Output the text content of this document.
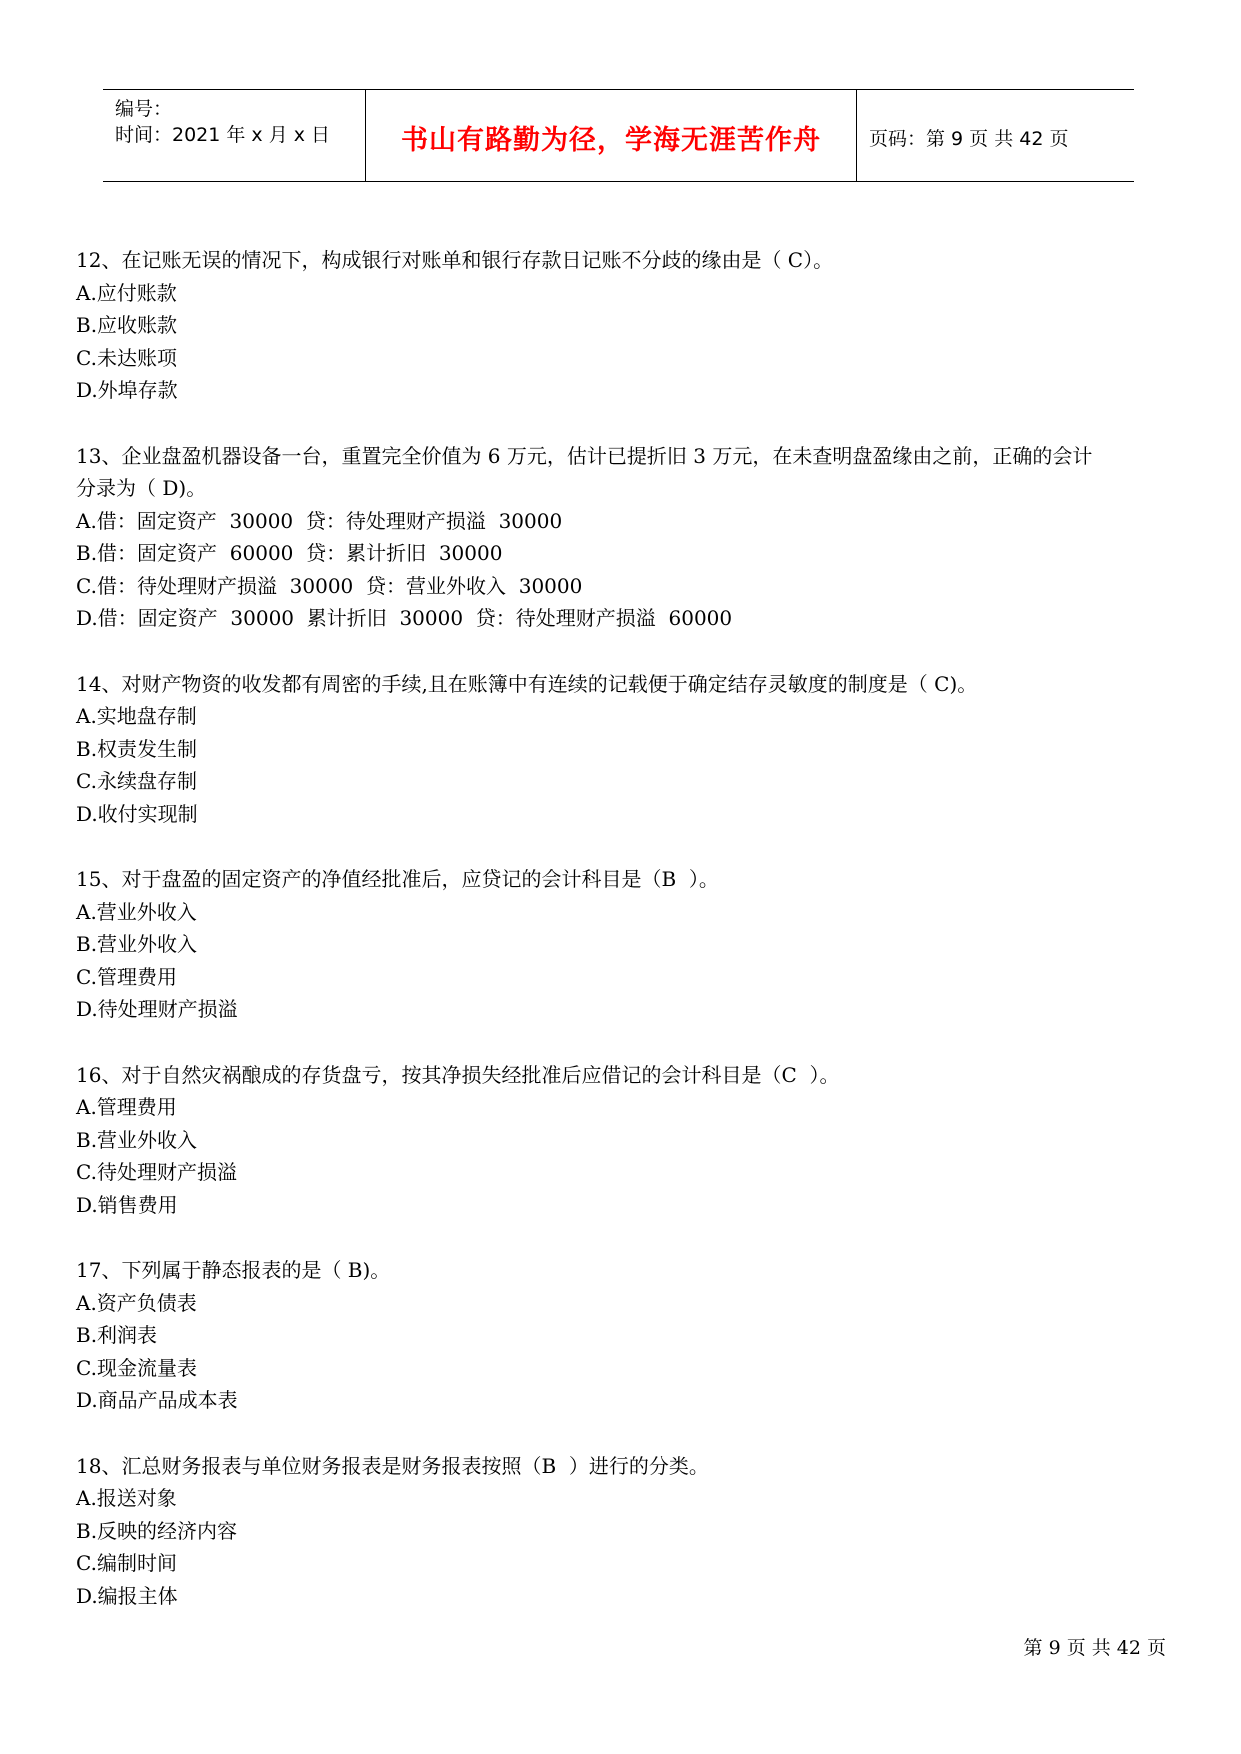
编号：
时间：2021 年 x 月 x 日	书山有路勤为径，学海无涯苦作舟	页码：第 9 页 共 42 页
12、在记账无误的情况下，构成银行对账单和银行存款日记账不分歧的缘由是（ C）。
A.应付账款
B.应收账款
C.未达账项
D.外埠存款
13、企业盘盈机器设备一台，重置完全价值为 6 万元，估计已提折旧 3 万元，在未查明盘盈缘由之前，正确的会计
分录为（ D)。
A.借：固定资产  30000  贷：待处理财产损溢  30000
B.借：固定资产  60000  贷：累计折旧  30000
C.借：待处理财产损溢  30000  贷：营业外收入  30000
D.借：固定资产  30000  累计折旧  30000  贷：待处理财产损溢  60000
14、对财产物资的收发都有周密的手续,且在账簿中有连续的记载便于确定结存灵敏度的制度是（ C)。
A.实地盘存制
B.权责发生制
C.永续盘存制
D.收付实现制
15、对于盘盈的固定资产的净值经批准后，应贷记的会计科目是（B  ）。
A.营业外收入
B.营业外收入
C.管理费用
D.待处理财产损溢
16、对于自然灾祸酿成的存货盘亏，按其净损失经批准后应借记的会计科目是（C  ）。
A.管理费用
B.营业外收入
C.待处理财产损溢
D.销售费用
17、下列属于静态报表的是（ B)。
A.资产负债表
B.利润表
C.现金流量表
D.商品产品成本表
18、汇总财务报表与单位财务报表是财务报表按照（B  ）进行的分类。
A.报送对象
B.反映的经济内容
C.编制时间
D.编报主体
第 9 页 共 42 页
